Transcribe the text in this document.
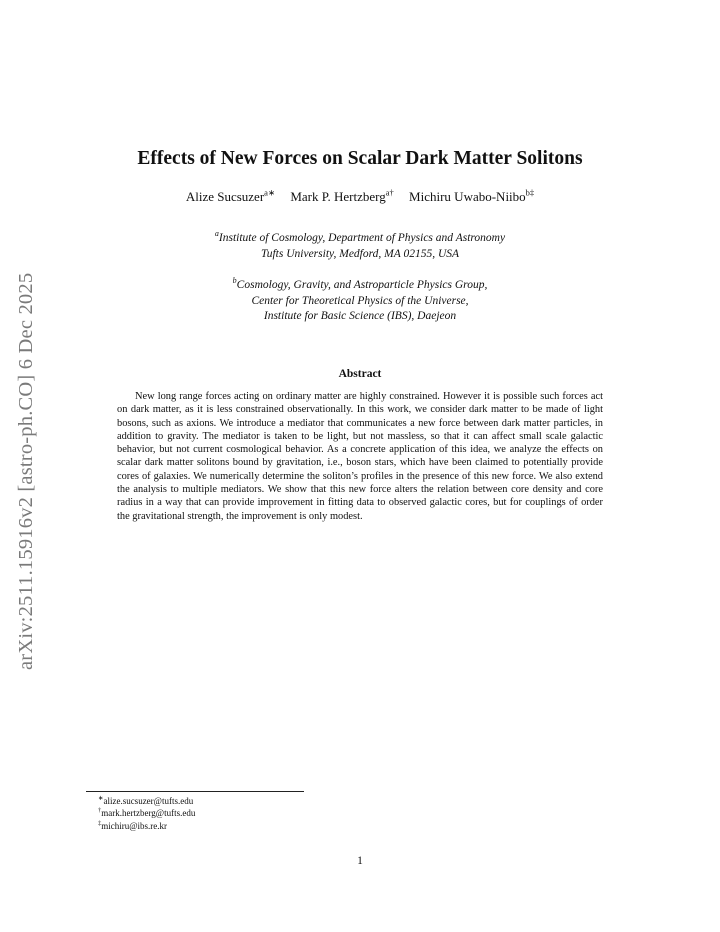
arXiv:2511.15916v2 [astro-ph.CO] 6 Dec 2025
Effects of New Forces on Scalar Dark Matter Solitons
Alize Sucsuzer$^{a∗}$ Mark P. Hertzberg$^{a\dagger}$ Michiru Uwabo-Niibo$^{b\ddagger}$
$^a$Institute of Cosmology, Department of Physics and Astronomy
Tufts University, Medford, MA 02155, USA
$^b$Cosmology, Gravity, and Astroparticle Physics Group,
Center for Theoretical Physics of the Universe,
Institute for Basic Science (IBS), Daejeon
Abstract
New long range forces acting on ordinary matter are highly constrained. However it is possible such forces act on dark matter, as it is less constrained observationally. In this work, we consider dark matter to be made of light bosons, such as axions. We introduce a mediator that communicates a new force between dark matter particles, in addition to gravity. The mediator is taken to be light, but not massless, so that it can affect small scale galactic behavior, but not current cosmological behavior. As a concrete application of this idea, we analyze the effects on scalar dark matter solitons bound by gravitation, i.e., boson stars, which have been claimed to potentially provide cores of galaxies. We numerically determine the soliton’s profiles in the presence of this new force. We also extend the analysis to multiple mediators. We show that this new force alters the relation between core density and core radius in a way that can provide improvement in fitting data to observed galactic cores, but for couplings of order the gravitational strength, the improvement is only modest.
∗alize.sucsuzer@tufts.edu
†mark.hertzberg@tufts.edu
‡michiru@ibs.re.kr
1
